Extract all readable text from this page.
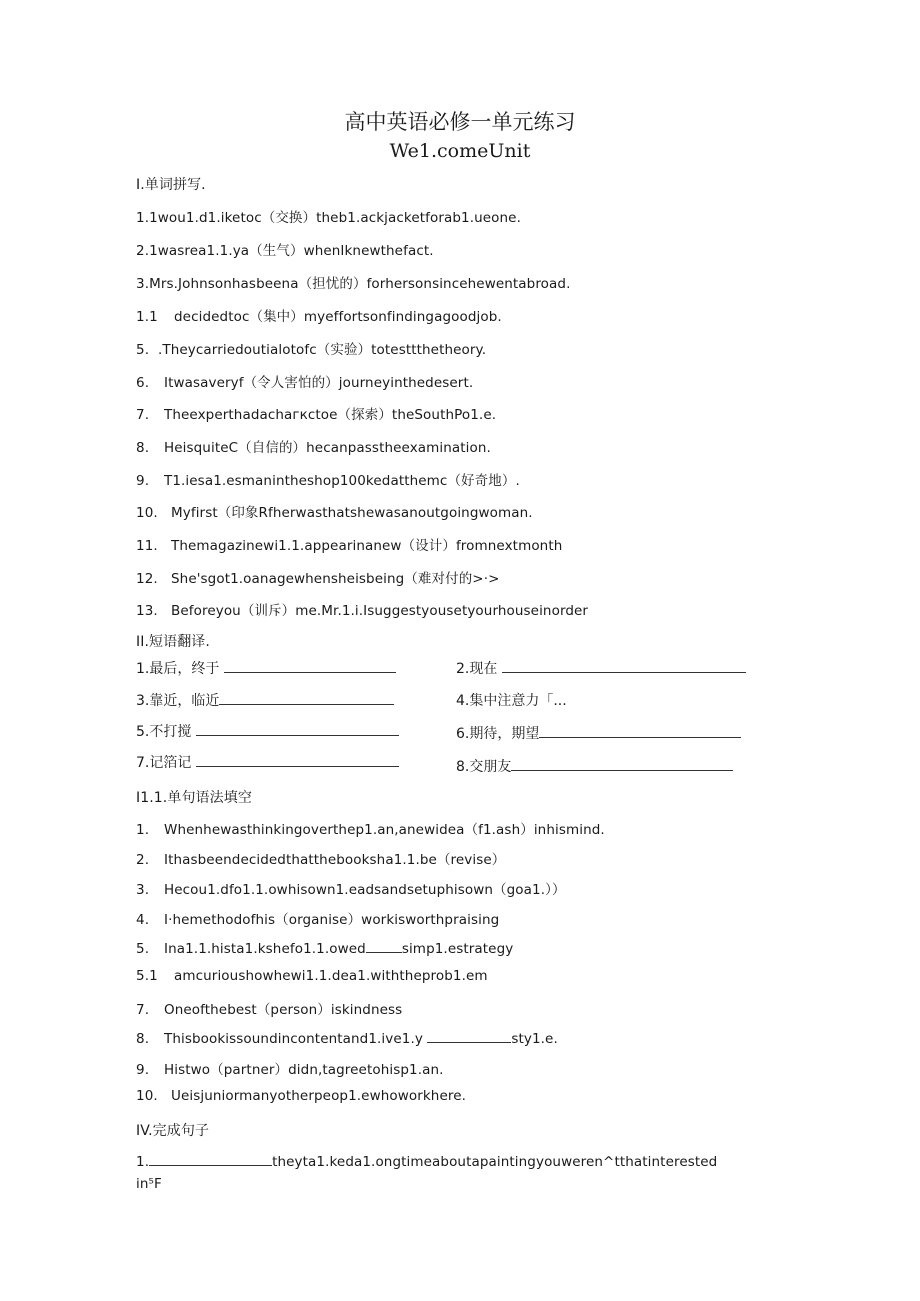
高中英语必修一单元练习
We1.comeUnit
I.单词拼写.
1.1wou1.d1.iketoc（交换）theb1.ackjacketforab1.ueone.
2.1wasrea1.1.ya（生气）whenIknewthefact.
3.Mrs.Johnsonhasbeena（担忧的）forhersonsincehewentabroad.
1.1 decidedtoc（集中）myeffortsonfindingagoodjob.
5. .Theycarriedoutialotofc（实验）totesttthetheory.
6. Itwasaveryf（令人害怕的）journeyinthedesert.
7. Theexperthadachaгкctoe（探索）theSouthPo1.e.
8. HeisquiteC（自信的）hecanpasstheexamination.
9. T1.iesa1.esmanintheshop100kedatthemc（好奇地）.
10. Myfirst（印象Rfherwasthatshewasanoutgoingwoman.
11. Themagazinewi1.1.appearinanew（设计）fromnextmonth
12. She'sgot1.oanagewhensheisbeing（难对付的>·>
13. Beforeyou（训斥）me.Mr.1.i.Isuggestyousetyourhouseinorder
II.短语翻译.
1.最后，终于	2.现在
3.靠近，临近	4.集中注意力「...
5.不打搅	6.期待，期望
7.记箔记	8.交朋友
I1.1.单句语法填空
1. Whenhewasthinkingoverthep1.an,anewidea（f1.ash）inhismind.
2. Ithasbeendecidedthatthebooksha1.1.be（revise）
3. Hecou1.dfo1.1.owhisown1.eadsandsetuphisown（goa1.））
4. I·hemethodofhis（organise）workisworthpraising
5. Ina1.1.hista1.kshefo1.1.owed	simp1.estrategy
5.1 amcurioushowhewi1.1.dea1.withtheprob1.em
7. Oneofthebest（person）iskindness
8. Thisbookissoundincontentand1.ive1.y	sty1.e.
9. Histwo（partner）didn,tagreetohisp1.an.
10. Ueisjuniormanyotherpeop1.ewhoworkhere.
IV.完成句子
1.	theyta1.keda1.ongtimeaboutapaintingyouweren^tthatinterested
in⁵F
